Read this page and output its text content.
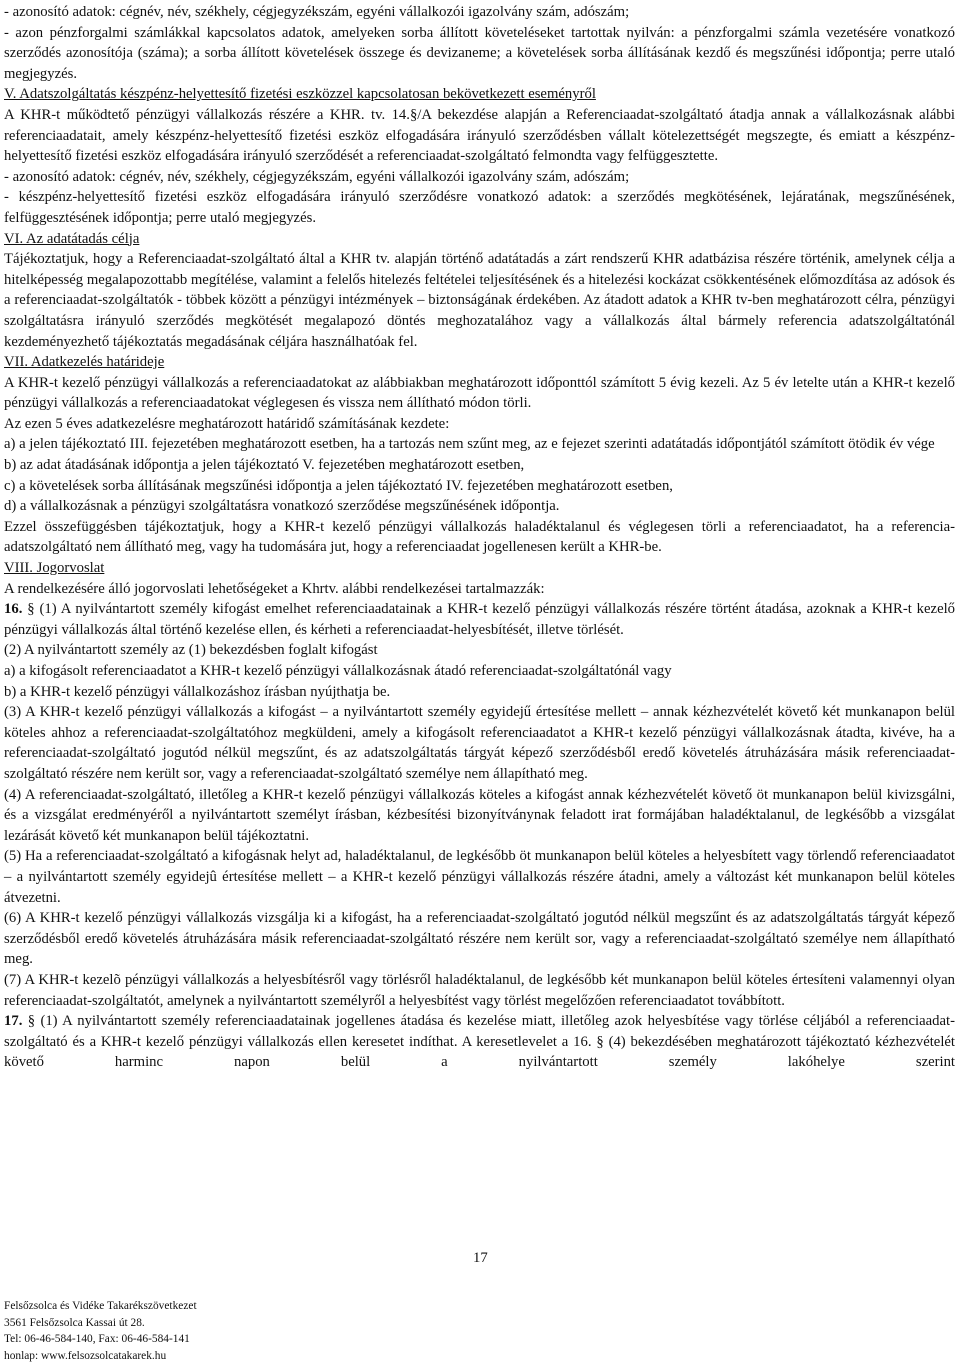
- azonosító adatok: cégnév, név, székhely, cégjegyzékszám, egyéni vállalkozói igazolvány szám, adószám;

- azon pénzforgalmi számlákkal kapcsolatos adatok, amelyeken sorba állított követeléseket tartottak nyilván: a pénzforgalmi számla vezetésére vonatkozó szerződés azonosítója (száma); a sorba állított követelések összege és devizaneme; a követelések sorba állításának kezdő és megszűnési időpontja; perre utaló megjegyzés.

V. Adatszolgáltatás készpénz-helyettesítő fizetési eszközzel kapcsolatosan bekövetkezett eseményről

A KHR-t működtető pénzügyi vállalkozás részére a KHR. tv. 14.§/A bekezdése alapján a Referenciaadat-szolgáltató átadja annak a vállalkozásnak alábbi referenciaadatait, amely készpénz-helyettesítő fizetési eszköz elfogadására irányuló szerződésben vállalt kötelezettségét megszegte, és emiatt a készpénz-helyettesítő fizetési eszköz elfogadására irányuló szerződését a referenciaadat-szolgáltató felmondta vagy felfüggesztette.

- azonosító adatok: cégnév, név, székhely, cégjegyzékszám, egyéni vállalkozói igazolvány szám, adószám;

- készpénz-helyettesítő fizetési eszköz elfogadására irányuló szerződésre vonatkozó adatok: a szerződés megkötésének, lejáratának, megszűnésének, felfüggesztésének időpontja; perre utaló megjegyzés.

VI. Az adatátadás célja

Tájékoztatjuk, hogy a Referenciaadat-szolgáltató által a KHR tv. alapján történő adatátadás a zárt rendszerű KHR adatbázisa részére történik, amelynek célja a hitelképesség megalapozottabb megítélése, valamint a felelős hitelezés feltételei teljesítésének és a hitelezési kockázat csökkentésének előmozdítása az adósok és a referenciaadat-szolgáltatók - többek között a pénzügyi intézmények – biztonságának érdekében. Az átadott adatok a KHR tv-ben meghatározott célra, pénzügyi szolgáltatásra irányuló szerződés megkötését megalapozó döntés meghozatalához vagy a vállalkozás által bármely referencia adatszolgáltatónál kezdeményezhető tájékoztatás megadásának céljára használhatóak fel.

VII. Adatkezelés határideje

A KHR-t kezelő pénzügyi vállalkozás a referenciaadatokat az alábbiakban meghatározott időponttól számított 5 évig kezeli. Az 5 év letelte után a KHR-t kezelő pénzügyi vállalkozás a referenciaadatokat véglegesen és vissza nem állítható módon törli.

Az ezen 5 éves adatkezelésre meghatározott határidő számításának kezdete:

a) a jelen tájékoztató III. fejezetében meghatározott esetben, ha a tartozás nem szűnt meg, az e fejezet szerinti adatátadás időpontjától számított ötödik év vége

b) az adat átadásának időpontja a jelen tájékoztató V. fejezetében meghatározott esetben,

c) a követelések sorba állításának megszűnési időpontja a jelen tájékoztató IV. fejezetében meghatározott esetben,

d) a vállalkozásnak a pénzügyi szolgáltatásra vonatkozó szerződése megszűnésének időpontja.

Ezzel összefüggésben tájékoztatjuk, hogy a KHR-t kezelő pénzügyi vállalkozás haladéktalanul és véglegesen törli a referenciaadatot, ha a referencia-adatszolgáltató nem állítható meg, vagy ha tudomására jut, hogy a referenciaadat jogellenesen került a KHR-be.

VIII. Jogorvoslat

A rendelkezésére álló jogorvoslati lehetőségeket a Khrtv. alábbi rendelkezései tartalmazzák:

16. § (1) A nyilvántartott személy kifogást emelhet referenciaadatainak a KHR-t kezelő pénzügyi vállalkozás részére történt átadása, azoknak a KHR-t kezelő pénzügyi vállalkozás által történő kezelése ellen, és kérheti a referenciaadat-helyesbítését, illetve törlését.

(2) A nyilvántartott személy az (1) bekezdésben foglalt kifogást

a) a kifogásolt referenciaadatot a KHR-t kezelő pénzügyi vállalkozásnak átadó referenciaadat-szolgáltatónál vagy

b) a KHR-t kezelő pénzügyi vállalkozáshoz írásban nyújthatja be.

(3) A KHR-t kezelő pénzügyi vállalkozás a kifogást – a nyilvántartott személy egyidejű értesítése mellett – annak kézhezvételét követő két munkanapon belül köteles ahhoz a referenciaadat-szolgáltatóhoz megküldeni, amely a kifogásolt referenciaadatot a KHR-t kezelő pénzügyi vállalkozásnak átadta, kivéve, ha a referenciaadat-szolgáltató jogutód nélkül megszűnt, és az adatszolgáltatás tárgyát képező szerződésből eredő követelés átruházására másik referenciaadat-szolgáltató részére nem került sor, vagy a referenciaadat-szolgáltató személye nem állapítható meg.

(4) A referenciaadat-szolgáltató, illetőleg a KHR-t kezelő pénzügyi vállalkozás köteles a kifogást annak kézhezvételét követő öt munkanapon belül kivizsgálni, és a vizsgálat eredményéről a nyilvántartott személyt írásban, kézbesítési bizonyítványnak feladott irat formájában haladéktalanul, de legkésőbb a vizsgálat lezárását követő két munkanapon belül tájékoztatni.

(5) Ha a referenciaadat-szolgáltató a kifogásnak helyt ad, haladéktalanul, de legkésőbb öt munkanapon belül köteles a helyesbített vagy törlendő referenciaadatot – a nyilvántartott személy egyidejû értesítése mellett – a KHR-t kezelő pénzügyi vállalkozás részére átadni, amely a változást két munkanapon belül köteles átvezetni.

(6) A KHR-t kezelő pénzügyi vállalkozás vizsgálja ki a kifogást, ha a referenciaadat-szolgáltató jogutód nélkül megszűnt és az adatszolgáltatás tárgyát képező szerződésből eredő követelés átruházására másik referenciaadat-szolgáltató részére nem került sor, vagy a referenciaadat-szolgáltató személye nem állapítható meg.

(7) A KHR-t kezelõ pénzügyi vállalkozás a helyesbítésről vagy törlésről haladéktalanul, de legkésőbb két munkanapon belül köteles értesíteni valamennyi olyan referenciaadat-szolgáltatót, amelynek a nyilvántartott személyről a helyesbítést vagy törlést megelőzően referenciaadatot továbbított.

17. § (1) A nyilvántartott személy referenciaadatainak jogellenes átadása és kezelése miatt, illetőleg azok helyesbítése vagy törlése céljából a referenciaadat-szolgáltató és a KHR-t kezelő pénzügyi vállalkozás ellen keresetet indíthat. A keresetlevelet a 16. § (4) bekezdésében meghatározott tájékoztató kézhezvételét követő harminc napon belül a nyilvántartott személy lakóhelye szerint

17

Felsőzsolca és Vidéke Takarékszövetkezet

3561 Felsőzsolca Kassai út 28.

Tel: 06-46-584-140, Fax: 06-46-584-141

honlap: www.felsozsolcatakarek.hu
